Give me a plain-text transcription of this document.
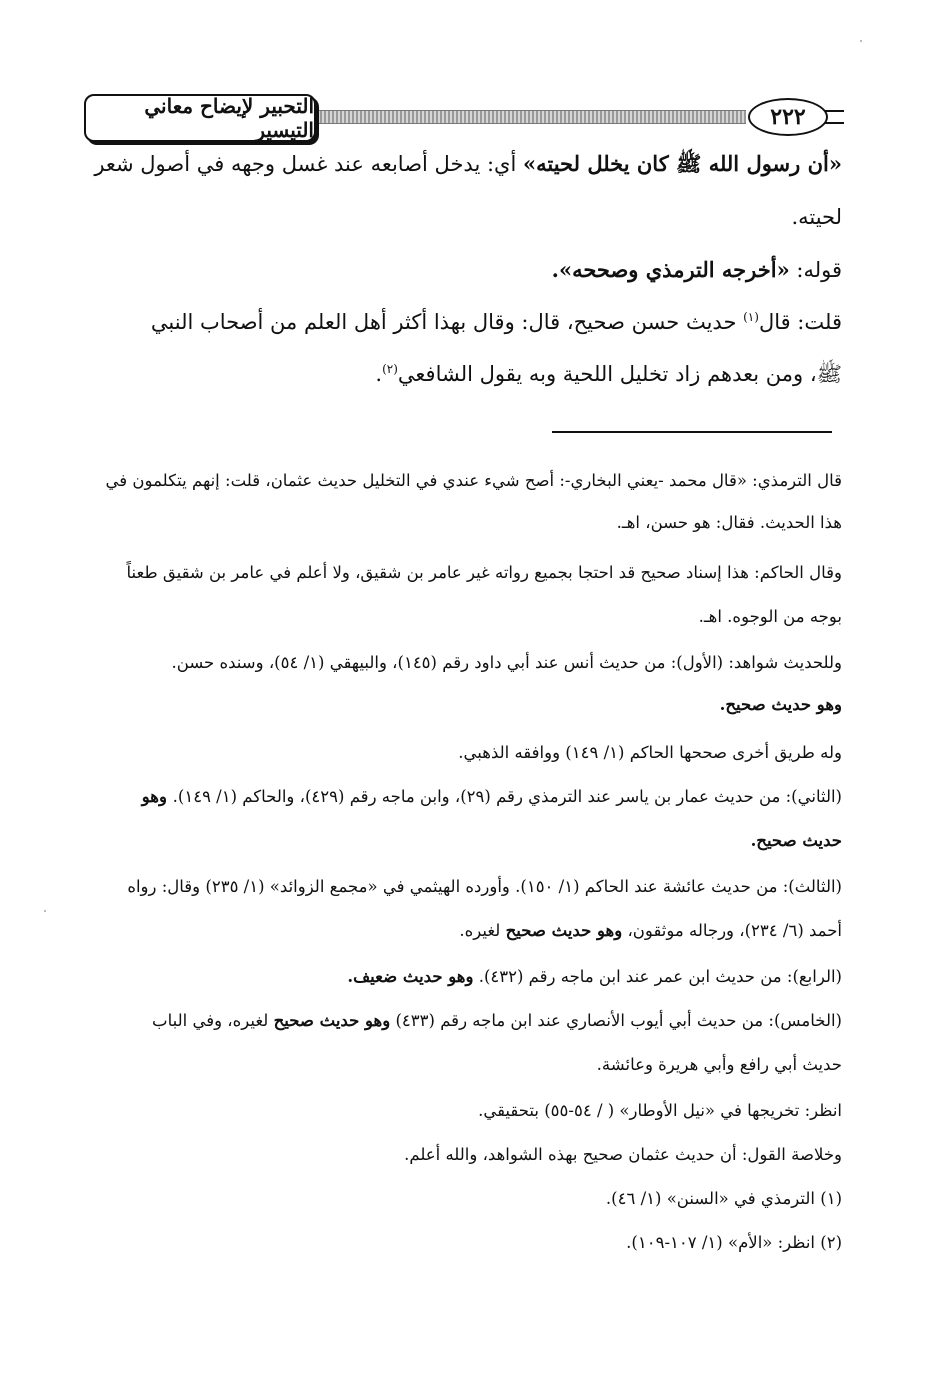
التحبير لإيضاح معاني التيسير	٢٢٢
«أن رسول الله ﷺ كان يخلل لحيته» أي: يدخل أصابعه عند غسل وجهه في أصول شعر
لحيته.
قوله: «أخرجه الترمذي وصححه».
قلت: قال$^{(١)}$ حديث حسن صحيح، قال: وقال بهذا أكثر أهل العلم من أصحاب النبي
ﷺ، ومن بعدهم زاد تخليل اللحية وبه يقول الشافعي$^{(٢)}$.
قال الترمذي: «قال محمد -يعني البخاري-: أصح شيء عندي في التخليل حديث عثمان، قلت: إنهم يتكلمون في
هذا الحديث. فقال: هو حسن، اهـ.
وقال الحاكم: هذا إسناد صحيح قد احتجا بجميع رواته غير عامر بن شقيق، ولا أعلم في عامر بن شقيق طعناً
بوجه من الوجوه. اهـ.
وللحديث شواهد: (الأول): من حديث أنس عند أبي داود رقم (١٤٥)، والبيهقي (١/ ٥٤)، وسنده حسن.
وهو حديث صحيح.
وله طريق أخرى صححها الحاكم (١/ ١٤٩) ووافقه الذهبي.
(الثاني): من حديث عمار بن ياسر عند الترمذي رقم (٢٩)، وابن ماجه رقم (٤٢٩)، والحاكم (١/ ١٤٩). وهو
حديث صحيح.
(الثالث): من حديث عائشة عند الحاكم (١/ ١٥٠). وأورده الهيثمي في «مجمع الزوائد» (١/ ٢٣٥) وقال: رواه
أحمد (٦/ ٢٣٤)، ورجاله موثقون، وهو حديث صحيح لغيره.
(الرابع): من حديث ابن عمر عند ابن ماجه رقم (٤٣٢). وهو حديث ضعيف.
(الخامس): من حديث أبي أيوب الأنصاري عند ابن ماجه رقم (٤٣٣) وهو حديث صحيح لغيره، وفي الباب
حديث أبي رافع وأبي هريرة وعائشة.
انظر: تخريجها في «نيل الأوطار» ( / ٥٤-٥٥) بتحقيقي.
وخلاصة القول: أن حديث عثمان صحيح بهذه الشواهد، والله أعلم.
(١) الترمذي في «السنن» (١/ ٤٦).
(٢) انظر: «الأم» (١/ ١٠٧-١٠٩).
